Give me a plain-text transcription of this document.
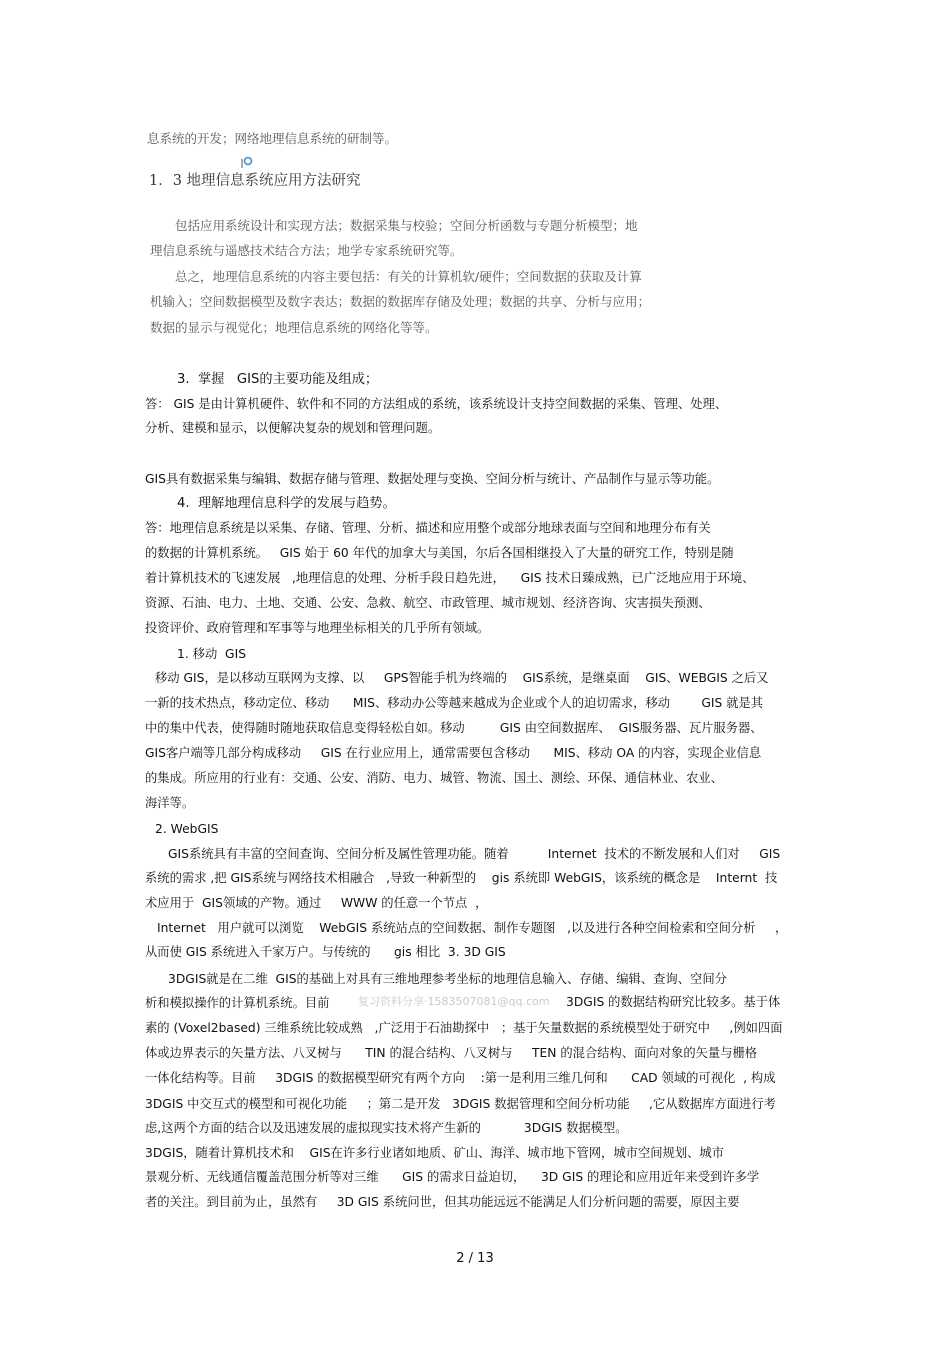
息系统的开发；网络地理信息系统的研制等。

1．3 地理信息系统应用方法研究

包括应用系统设计和实现方法；数据采集与校验；空间分析函数与专题分析模型；地

理信息系统与遥感技术结合方法；地学专家系统研究等。

总之，地理信息系统的内容主要包括：有关的计算机软/硬件；空间数据的获取及计算

机输入；空间数据模型及数字表达；数据的数据库存储及处理；数据的共享、分析与应用；

数据的显示与视觉化；地理信息系统的网络化等等。

3.  掌握   GIS的主要功能及组成；
答： GIS 是由计算机硬件、软件和不同的方法组成的系统，该系统设计支持空间数据的采集、管理、处理、
分析、建模和显示，以便解决复杂的规划和管理问题。
GIS具有数据采集与编辑、数据存储与管理、数据处理与变换、空间分析与统计、产品制作与显示等功能。
4.  理解地理信息科学的发展与趋势。
答：地理信息系统是以采集、存储、管理、分析、描述和应用整个或部分地球表面与空间和地理分布有关
的数据的计算机系统。   GIS 始于 60 年代的加拿大与美国，尔后各国相继投入了大量的研究工作，特别是随
着计算机技术的飞速发展   ,地理信息的处理、分析手段日趋先进，    GIS 技术日臻成熟，已广泛地应用于环境、
资源、石油、电力、土地、交通、公安、急救、航空、市政管理、城市规划、经济咨询、灾害损失预测、
投资评价、政府管理和军事等与地理坐标相关的几乎所有领域。
1. 移动  GIS
移动 GIS，是以移动互联网为支撑、以     GPS智能手机为终端的    GIS系统，是继桌面    GIS、WEBGIS 之后又
一新的技术热点，移动定位、移动      MIS、移动办公等越来越成为企业或个人的迫切需求，移动        GIS 就是其
中的集中代表，使得随时随地获取信息变得轻松自如。移动         GIS 由空间数据库、  GIS服务器、瓦片服务器、
GIS客户端等几部分构成移动     GIS 在行业应用上，通常需要包含移动      MIS、移动 OA 的内容，实现企业信息
的集成。所应用的行业有：交通、公安、消防、电力、城管、物流、国土、测绘、环保、通信林业、农业、
海洋等。
2. WebGIS
GIS系统具有丰富的空间查询、空间分析及属性管理功能。随着          Internet  技术的不断发展和人们对     GIS
系统的需求 ,把 GIS系统与网络技术相融合   ,导致一种新型的    gis 系统即 WebGIS，该系统的概念是    Internt  技
术应用于  GIS领域的产物。通过     WWW 的任意一个节点  ，
Internet   用户就可以浏览    WebGIS 系统站点的空间数据、制作专题图   ,以及进行各种空间检索和空间分析     ，
从而使 GIS 系统进入千家万户。与传统的      gis 相比  3. 3D GIS
3DGIS就是在二维  GIS的基础上对具有三维地理参考坐标的地理信息输入、存储、编辑、查询、空间分
析和模拟操作的计算机系统。目前
素的 (Voxel2based) 三维系统比较成熟   ,广泛用于石油勘探中   ；基于矢量数据的系统模型处于研究中     ,例如四面
体或边界表示的矢量方法、八叉树与      TIN 的混合结构、八叉树与     TEN 的混合结构、面向对象的矢量与栅格
一体化结构等。目前     3DGIS 的数据模型研究有两个方向    :第一是利用三维几何和      CAD 领域的可视化  , 构成
3DGIS 中交互式的模型和可视化功能     ；第二是开发   3DGIS 数据管理和空间分析功能     ,它从数据库方面进行考
虑,这两个方面的结合以及迅速发展的虚拟现实技术将产生新的           3DGIS 数据模型。
3DGIS，随着计算机技术和    GIS在许多行业诸如地质、矿山、海洋、城市地下管网，城市空间规划、城市
景观分析、无线通信覆盖范围分析等对三维      GIS 的需求日益迫切，    3D GIS 的理论和应用近年来受到许多学
者的关注。到目前为止，虽然有     3D GIS 系统问世，但其功能远远不能满足人们分析问题的需要，原因主要
复习资料分享·1583507081@qq.com 3DGIS 的数据结构研究比较多。基于体
2 / 13
